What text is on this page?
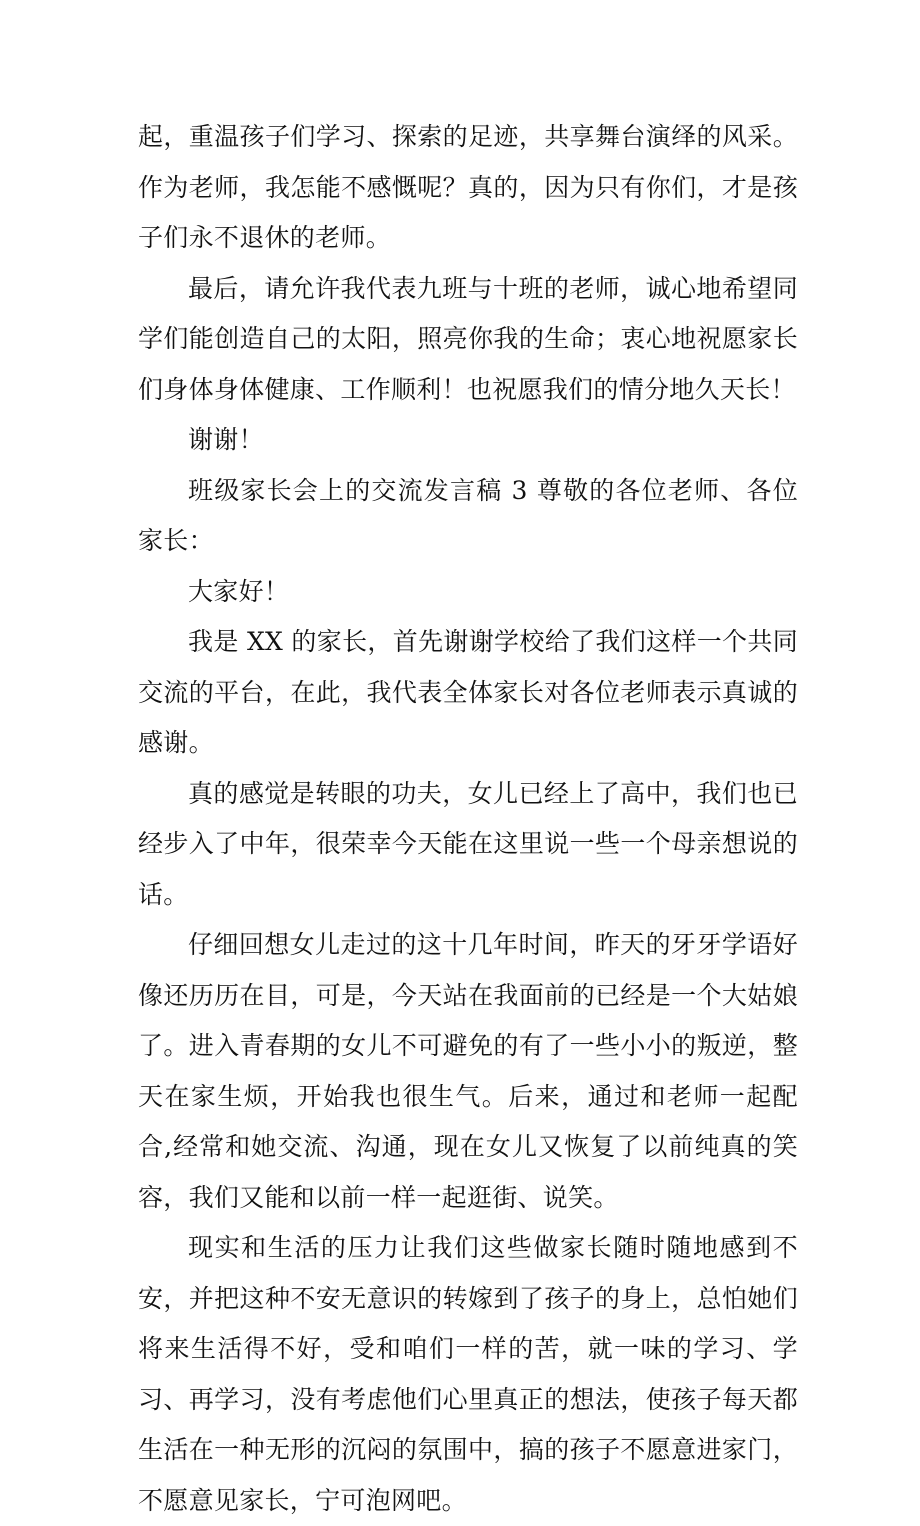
起，重温孩子们学习、探索的足迹，共享舞台演绎的风采。作为老师，我怎能不感慨呢？真的，因为只有你们，才是孩子们永不退休的老师。

最后，请允许我代表九班与十班的老师，诚心地希望同学们能创造自己的太阳，照亮你我的生命；衷心地祝愿家长们身体身体健康、工作顺利！也祝愿我们的情分地久天长！

谢谢！

班级家长会上的交流发言稿 3 尊敬的各位老师、各位家长：

大家好！

我是 XX 的家长，首先谢谢学校给了我们这样一个共同交流的平台，在此，我代表全体家长对各位老师表示真诚的感谢。

真的感觉是转眼的功夫，女儿已经上了高中，我们也已经步入了中年，很荣幸今天能在这里说一些一个母亲想说的话。

仔细回想女儿走过的这十几年时间，昨天的牙牙学语好像还历历在目，可是，今天站在我面前的已经是一个大姑娘了。进入青春期的女儿不可避免的有了一些小小的叛逆，整天在家生烦，开始我也很生气。后来，通过和老师一起配合,经常和她交流、沟通，现在女儿又恢复了以前纯真的笑容，我们又能和以前一样一起逛街、说笑。

现实和生活的压力让我们这些做家长随时随地感到不安，并把这种不安无意识的转嫁到了孩子的身上，总怕她们将来生活得不好，受和咱们一样的苦，就一味的学习、学习、再学习，没有考虑他们心里真正的想法，使孩子每天都生活在一种无形的沉闷的氛围中，搞的孩子不愿意进家门，不愿意见家长，宁可泡网吧。
